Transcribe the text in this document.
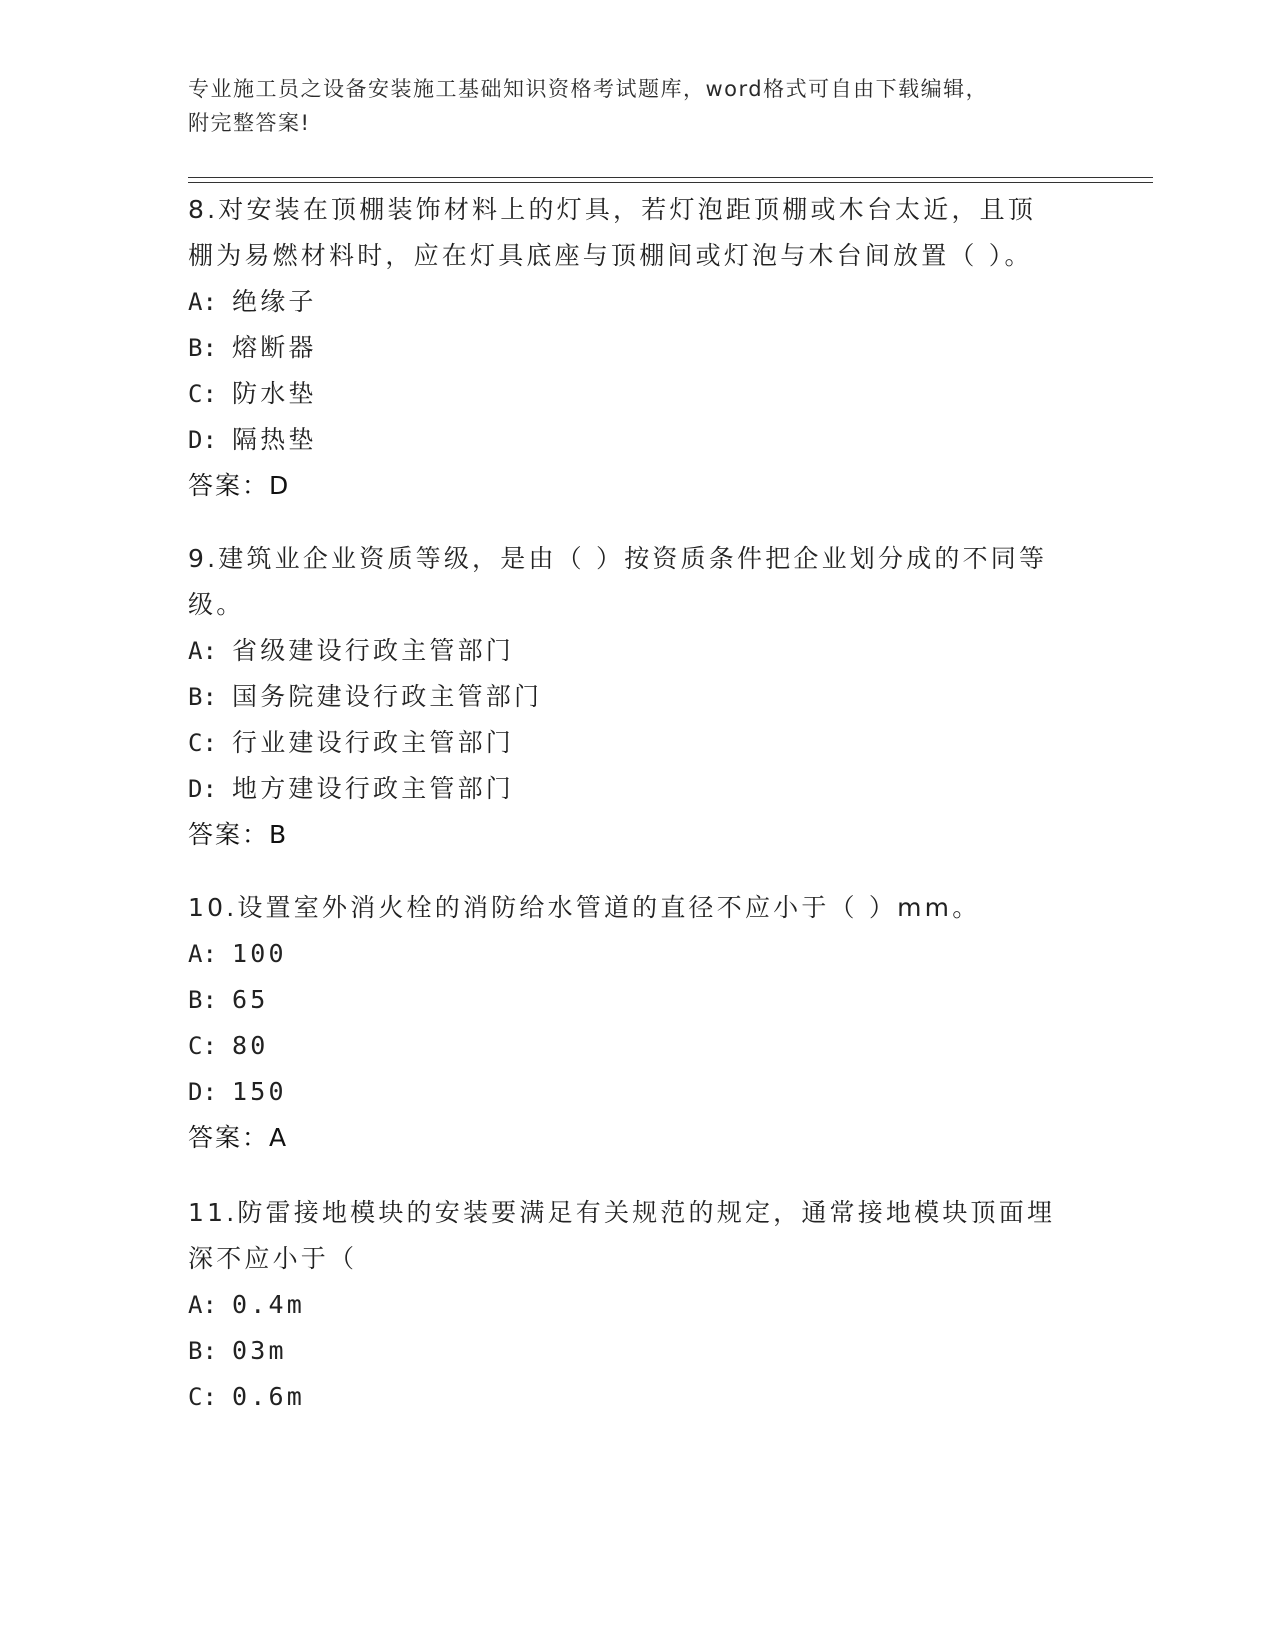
专业施工员之设备安装施工基础知识资格考试题库，word格式可自由下载编辑，
附完整答案!
8.对安装在顶棚装饰材料上的灯具，若灯泡距顶棚或木台太近，且顶
棚为易燃材料时，应在灯具底座与顶棚间或灯泡与木台间放置（ ）。
A: 绝缘子
B: 熔断器
C: 防水垫
D: 隔热垫
答案：D
9.建筑业企业资质等级，是由（ ）按资质条件把企业划分成的不同等
级。
A: 省级建设行政主管部门
B: 国务院建设行政主管部门
C: 行业建设行政主管部门
D: 地方建设行政主管部门
答案：B
10.设置室外消火栓的消防给水管道的直径不应小于（ ）mm。
A: 100
B: 65
C: 80
D: 150
答案：A
11.防雷接地模块的安装要满足有关规范的规定，通常接地模块顶面埋
深不应小于（
A: 0.4m
B: 03m
C: 0.6m
